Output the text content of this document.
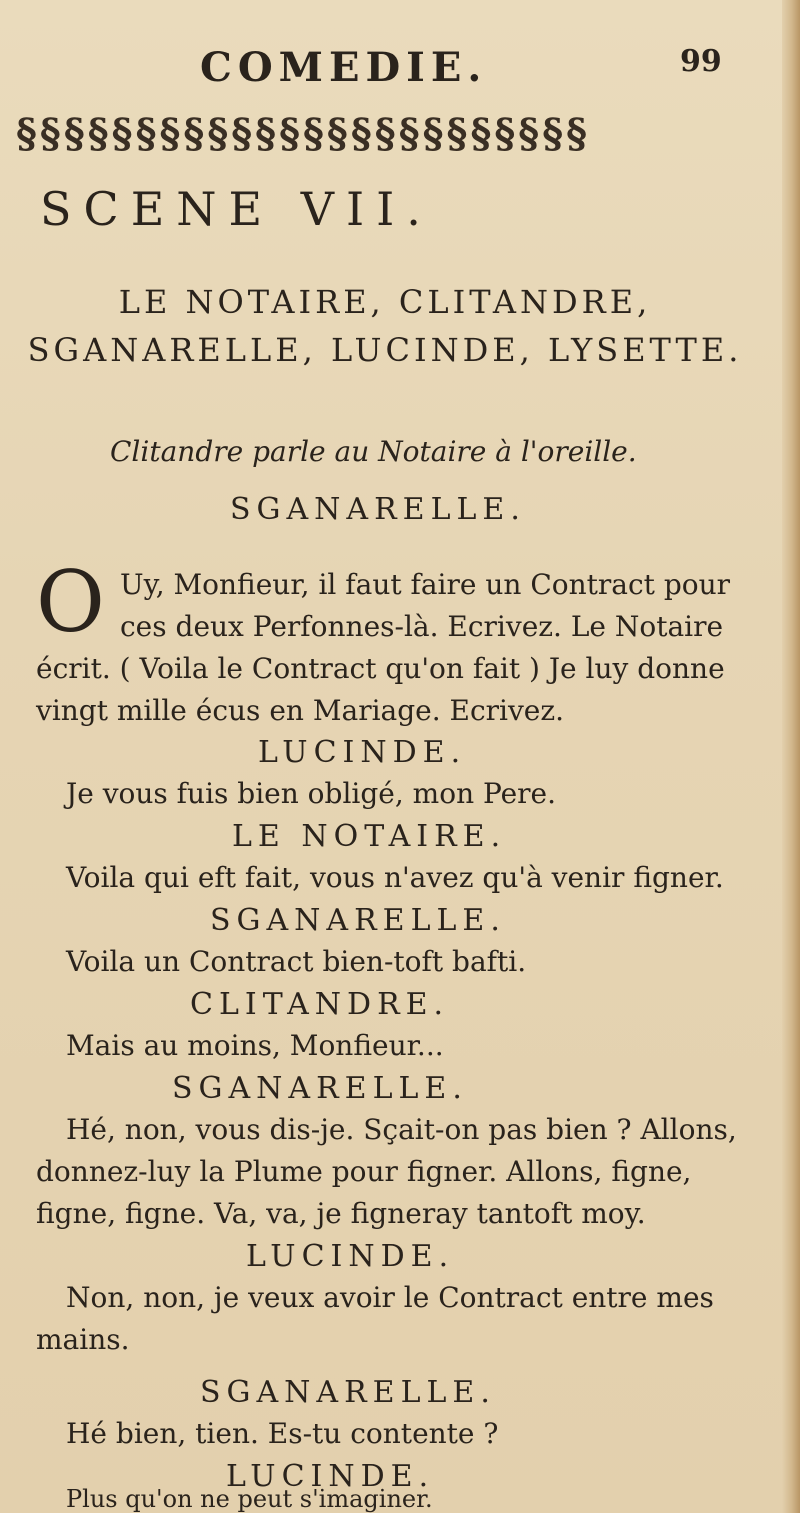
COMEDIE.	99
§§§§§§§§§§§§§§§§§§§§§§§§
SCENE VII.
LE NOTAIRE, CLITANDRE, SGANARELLE, LUCINDE, LYSETTE.
Clitandre parle au Notaire à l'oreille.
SGANARELLE.
O Uy, Monfieur, il faut faire un Contract pour
ces deux Perfonnes-là. Ecrivez. Le Notaire
écrit. ( Voila le Contract qu'on fait ) Je luy donne
vingt mille écus en Mariage. Ecrivez.
LUCINDE.
Je vous fuis bien obligé, mon Pere.
LE NOTAIRE.
Voila qui eft fait, vous n'avez qu'à venir figner.
SGANARELLE.
Voila un Contract bien-toft bafti.
CLITANDRE.
Mais au moins, Monfieur...
SGANARELLE.
Hé, non, vous dis-je. Sçait-on pas bien ? Allons,
donnez-luy la Plume pour figner. Allons, figne,
figne, figne. Va, va, je figneray tantoft moy.
LUCINDE.
Non, non, je veux avoir le Contract entre mes
mains.
SGANARELLE.
Hé bien, tien. Es-tu contente ?
LUCINDE.
Plus qu'on ne peut s'imaginer.
